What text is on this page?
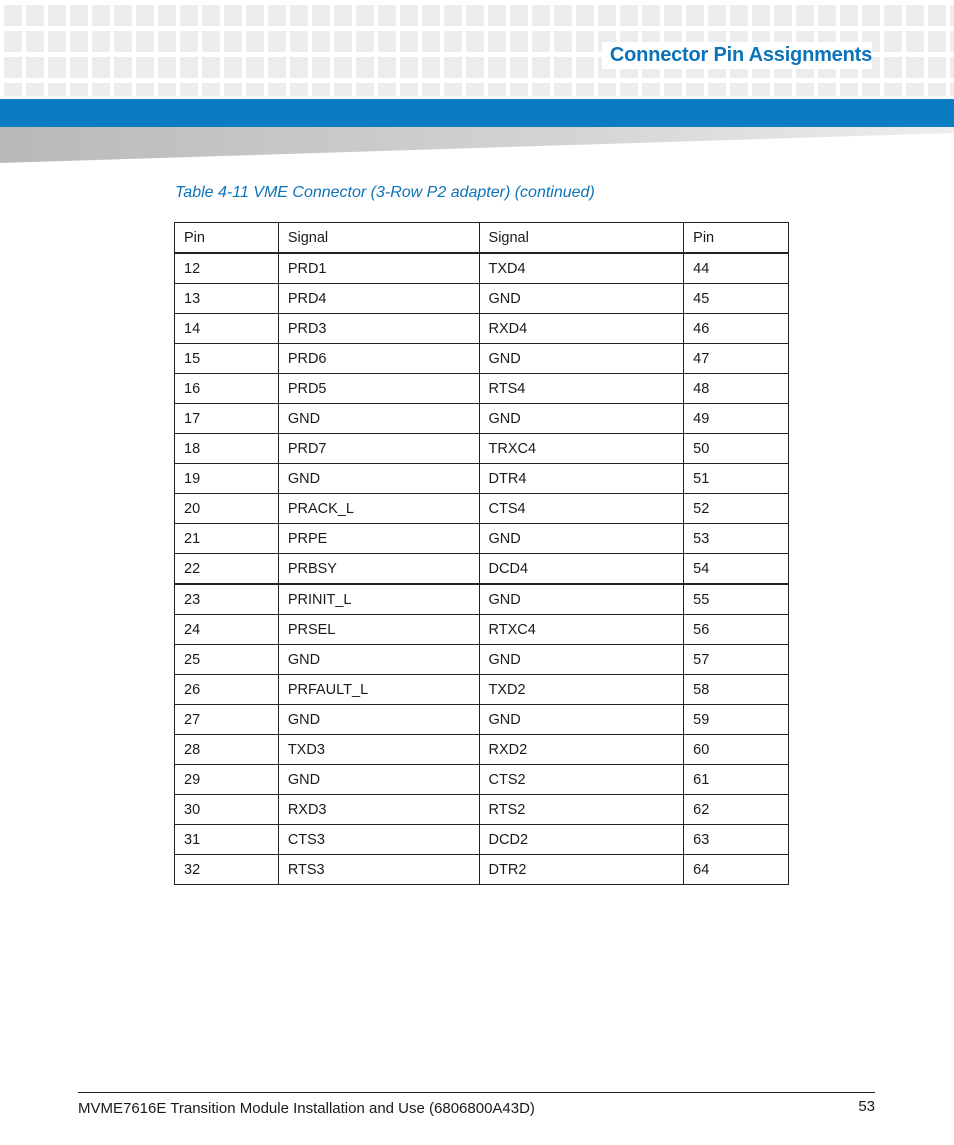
Connector Pin Assignments
Table 4-11 VME Connector (3-Row P2 adapter) (continued)
Pin	Signal	Signal	Pin
12	PRD1	TXD4	44
13	PRD4	GND	45
14	PRD3	RXD4	46
15	PRD6	GND	47
16	PRD5	RTS4	48
17	GND	GND	49
18	PRD7	TRXC4	50
19	GND	DTR4	51
20	PRACK_L	CTS4	52
21	PRPE	GND	53
22	PRBSY	DCD4	54
23	PRINIT_L	GND	55
24	PRSEL	RTXC4	56
25	GND	GND	57
26	PRFAULT_L	TXD2	58
27	GND	GND	59
28	TXD3	RXD2	60
29	GND	CTS2	61
30	RXD3	RTS2	62
31	CTS3	DCD2	63
32	RTS3	DTR2	64
MVME7616E Transition Module Installation and Use (6806800A43D)	53
